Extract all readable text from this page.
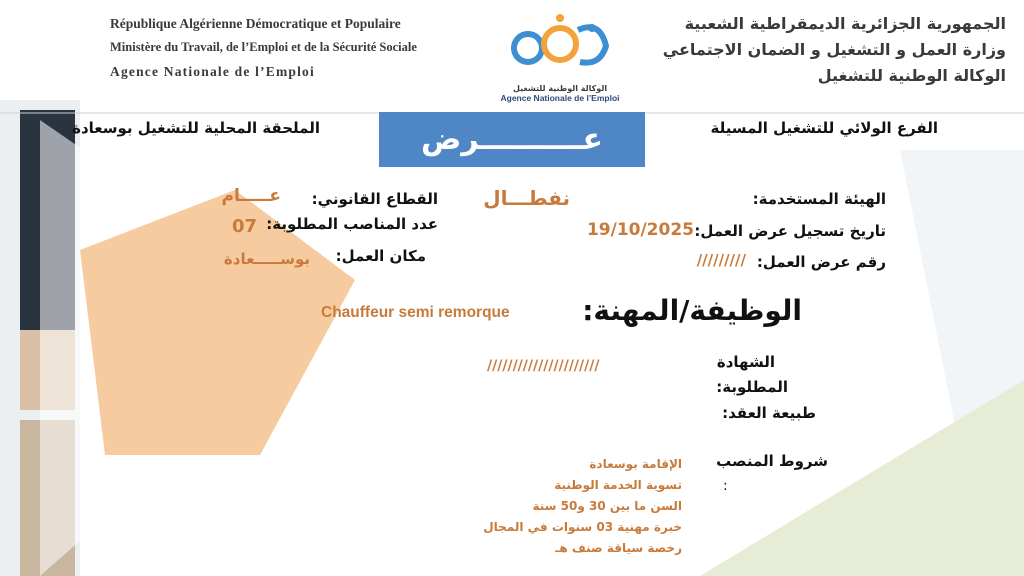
République Algérienne Démocratique et Populaire
Ministère du Travail, de l’Emploi et de la Sécurité Sociale
Agence Nationale de l’Emploi
الوكالة الوطنية للتشغيل
Agence Nationale de l’Emploi
الجمهورية الجزائرية الديمقراطية الشعبية
وزارة العمل و التشغيل و الضمان الاجتماعي
الوكالة الوطنية للتشغيل
الملحقة المحلية للتشغيل بوسعادة	الفرع الولائي للتشغيل المسيلة
عــــــــــرض
الهيئة المستخدمة:
نفطـــال
تاريخ تسجيل عرض العمل:
19/10/2025
رقم عرض العمل:
/////////
القطاع القانوني:
عـــــام
عدد المناصب المطلوبة:
07
مكان العمل:
بوســـــعادة
الوظيفة/المهنة:
Chauffeur semi remorque
الشهادة
المطلوبة:
//////////////////////
طبيعة العقد:
شروط المنصب
:
الإقامة بوسعادة
تسوية الخدمة الوطنية
السن ما بين 30 و50 سنة
خبرة مهنية 03 سنوات في المجال
رخصة سياقة صنف هـ
